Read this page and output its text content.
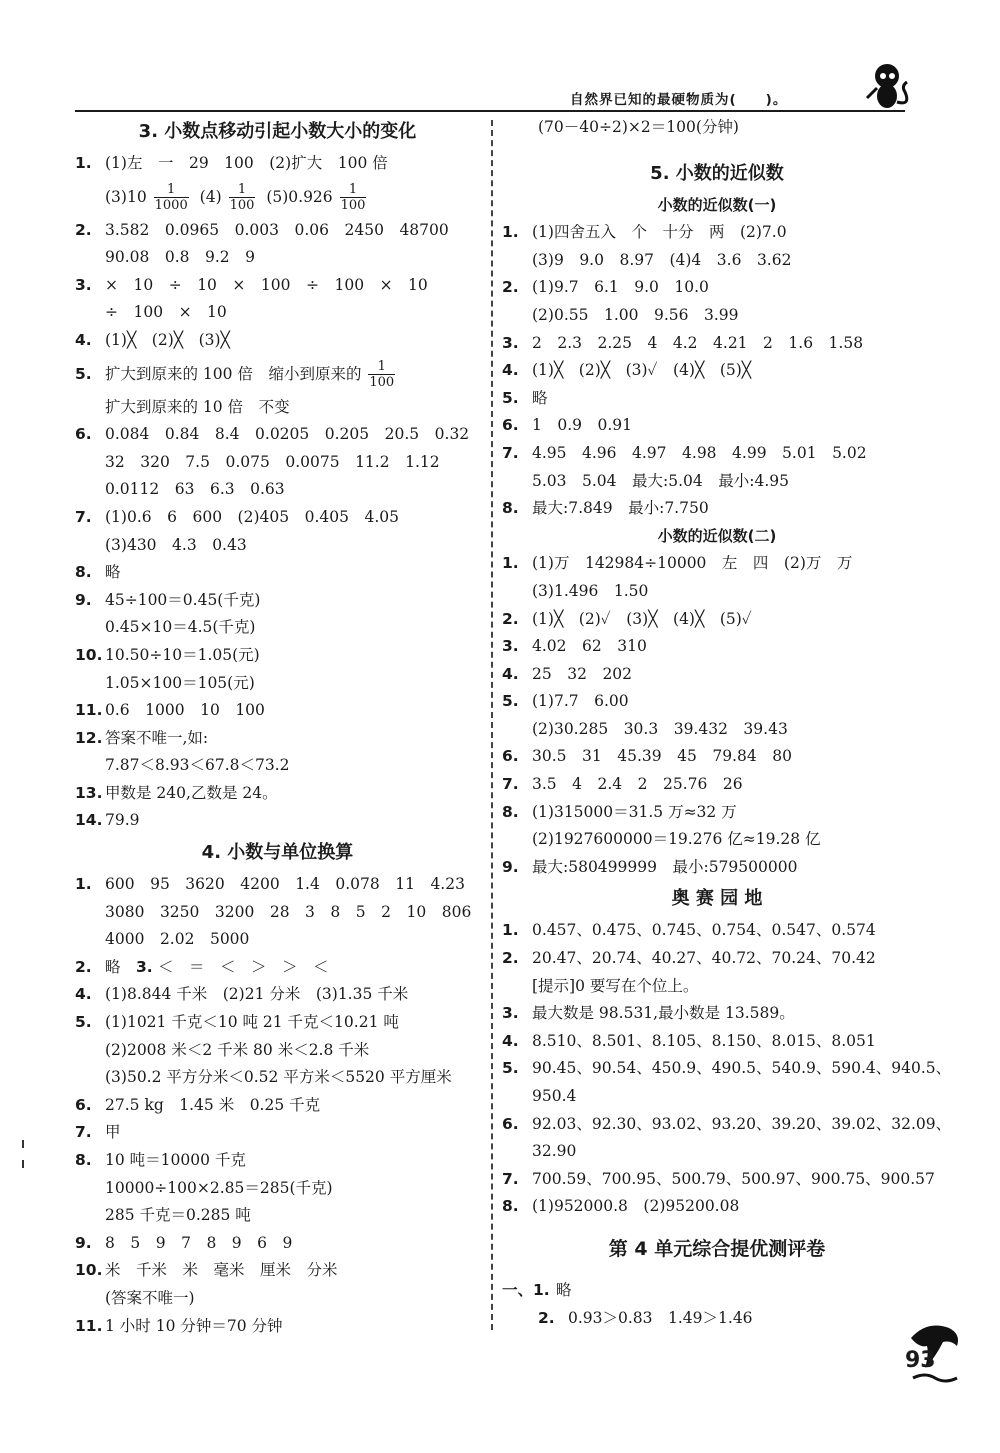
自然界已知的最硬物质为(　　)。
3. 小数点移动引起小数大小的变化
1. (1)左　一　29　100　(2)扩大　100 倍
$(3)10 \frac{1}{1000} (4) \frac{1}{100} (5)0.926 \frac{1}{100}$
2. 3.582　0.0965　0.003　0.06　2450　48700
90.08　0.8　9.2　9
3. ×　10　÷　10　×　100　÷　100　×　10
÷　100　×　10
4. (1)╳　(2)╳　(3)╳
5. 扩大到原来的 100 倍　缩小到原来的 $\frac{1}{100}$
扩大到原来的 10 倍　不变
6. 0.084　0.84　8.4　0.0205　0.205　20.5　0.32
32　320　7.5　0.075　0.0075　11.2　1.12
0.0112　63　6.3　0.63
7. (1)0.6　6　600　(2)405　0.405　4.05
(3)430　4.3　0.43
8. 略
9. 45÷100＝0.45(千克)
0.45×10＝4.5(千克)
10. 10.50÷10＝1.05(元)
1.05×100＝105(元)
11. 0.6　1000　10　100
12. 答案不唯一,如:
7.87＜8.93＜67.8＜73.2
13. 甲数是 240,乙数是 24。
14. 79.9
4. 小数与单位换算
1. 600　95　3620　4200　1.4　0.078　11　4.23
3080　3250　3200　28　3　8　5　2　10　806
4000　2.02　5000
2. 略　3. ＜　＝　＜　＞　＞　＜
4. (1)8.844 千米　(2)21 分米　(3)1.35 千米
5. (1)1021 千克＜10 吨 21 千克＜10.21 吨
(2)2008 米＜2 千米 80 米＜2.8 千米
(3)50.2 平方分米＜0.52 平方米＜5520 平方厘米
6. 27.5 kg　1.45 米　0.25 千克
7. 甲
8. 10 吨＝10000 千克
10000÷100×2.85＝285(千克)
285 千克＝0.285 吨
9. 8　5　9　7　8　9　6　9
10. 米　千米　米　毫米　厘米　分米
(答案不唯一)
11. 1 小时 10 分钟＝70 分钟
(70－40÷2)×2＝100(分钟)
5. 小数的近似数
小数的近似数(一)
1. (1)四舍五入　个　十分　两　(2)7.0
(3)9　9.0　8.97　(4)4　3.6　3.62
2. (1)9.7　6.1　9.0　10.0
(2)0.55　1.00　9.56　3.99
3. 2　2.3　2.25　4　4.2　4.21　2　1.6　1.58
4. (1)╳　(2)╳　(3)✓　(4)╳　(5)╳
5. 略
6. 1　0.9　0.91
7. 4.95　4.96　4.97　4.98　4.99　5.01　5.02
5.03　5.04　最大:5.04　最小:4.95
8. 最大:7.849　最小:7.750
小数的近似数(二)
1. (1)万　142984÷10000　左　四　(2)万　万
(3)1.496　1.50
2. (1)╳　(2)✓　(3)╳　(4)╳　(5)✓
3. 4.02　62　310
4. 25　32　202
5. (1)7.7　6.00
(2)30.285　30.3　39.432　39.43
6. 30.5　31　45.39　45　79.84　80
7. 3.5　4　2.4　2　25.76　26
8. (1)315000＝31.5 万≈32 万
(2)1927600000＝19.276 亿≈19.28 亿
9. 最大:580499999　最小:579500000
奥 赛 园 地
1. 0.457、0.475、0.745、0.754、0.547、0.574
2. 20.47、20.74、40.27、40.72、70.24、70.42
[提示]0 要写在个位上。
3. 最大数是 98.531,最小数是 13.589。
4. 8.510、8.501、8.105、8.150、8.015、8.051
5. 90.45、90.54、450.9、490.5、540.9、590.4、940.5、
950.4
6. 92.03、92.30、93.02、93.20、39.20、39.02、32.09、
32.90
7. 700.59、700.95、500.79、500.97、900.75、900.57
8. (1)952000.8　(2)95200.08
第 4 单元综合提优测评卷
一、1. 略
2. 0.93＞0.83　1.49＞1.46
93
